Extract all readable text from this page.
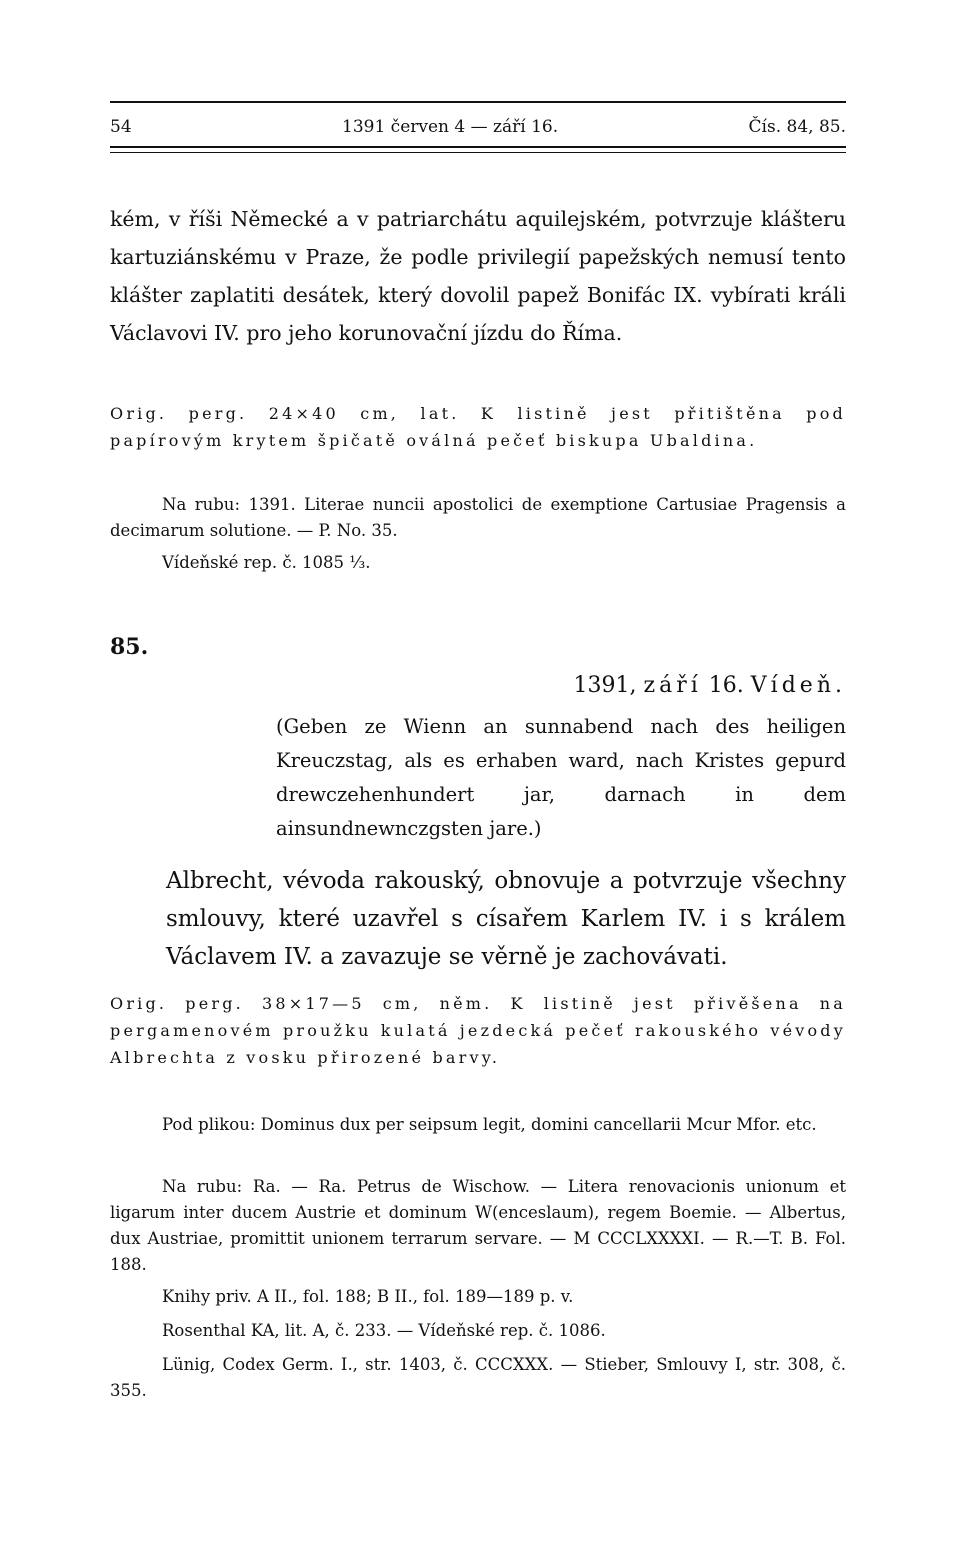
54	1391 červen 4 — září 16.	Čís. 84, 85.
kém, v říši Německé a v patriarchátu aquilejském, potvrzuje klášteru kartuziánskému v Praze, že podle privilegií papežských nemusí tento klášter zaplatiti desátek, který dovolil papež Bonifác IX. vybírati králi Václavovi IV. pro jeho korunovační jízdu do Říma.
Orig. perg. 24×40 cm, lat. K listině jest přitištěna pod papírovým krytem špičatě oválná pečeť biskupa Ubaldina.
Na rubu: 1391. Literae nuncii apostolici de exemptione Cartusiae Pragensis a decimarum solutione. — P. No. 35.
Vídeňské rep. č. 1085 ⅓.
85.
1391, září 16. Vídeň.
(Geben ze Wienn an sunnabend nach des heiligen Kreuczstag, als es erhaben ward, nach Kristes gepurd drewczehenhundert jar, darnach in dem ainsundnewnczgsten jare.)
Albrecht, vévoda rakouský, obnovuje a potvrzuje všechny smlouvy, které uzavřel s císařem Karlem IV. i s králem Václavem IV. a zavazuje se věrně je zachovávati.
Orig. perg. 38×17—5 cm, něm. K listině jest přivěšena na pergamenovém proužku kulatá jezdecká pečeť rakouského vévody Albrechta z vosku přirozené barvy.
Pod plikou: Dominus dux per seipsum legit, domini cancellarii Mcur Mfor. etc.
Na rubu: Ra. — Ra. Petrus de Wischow. — Litera renovacionis unionum et ligarum inter ducem Austrie et dominum W(enceslaum), regem Boemie. — Albertus, dux Austriae, promittit unionem terrarum servare. — M CCCLXXXXI. — R.—T. B. Fol. 188.
Knihy priv. A II., fol. 188; B II., fol. 189—189 p. v.
Rosenthal KA, lit. A, č. 233. — Vídeňské rep. č. 1086.
Lünig, Codex Germ. I., str. 1403, č. CCCXXX. — Stieber, Smlouvy I, str. 308, č. 355.
